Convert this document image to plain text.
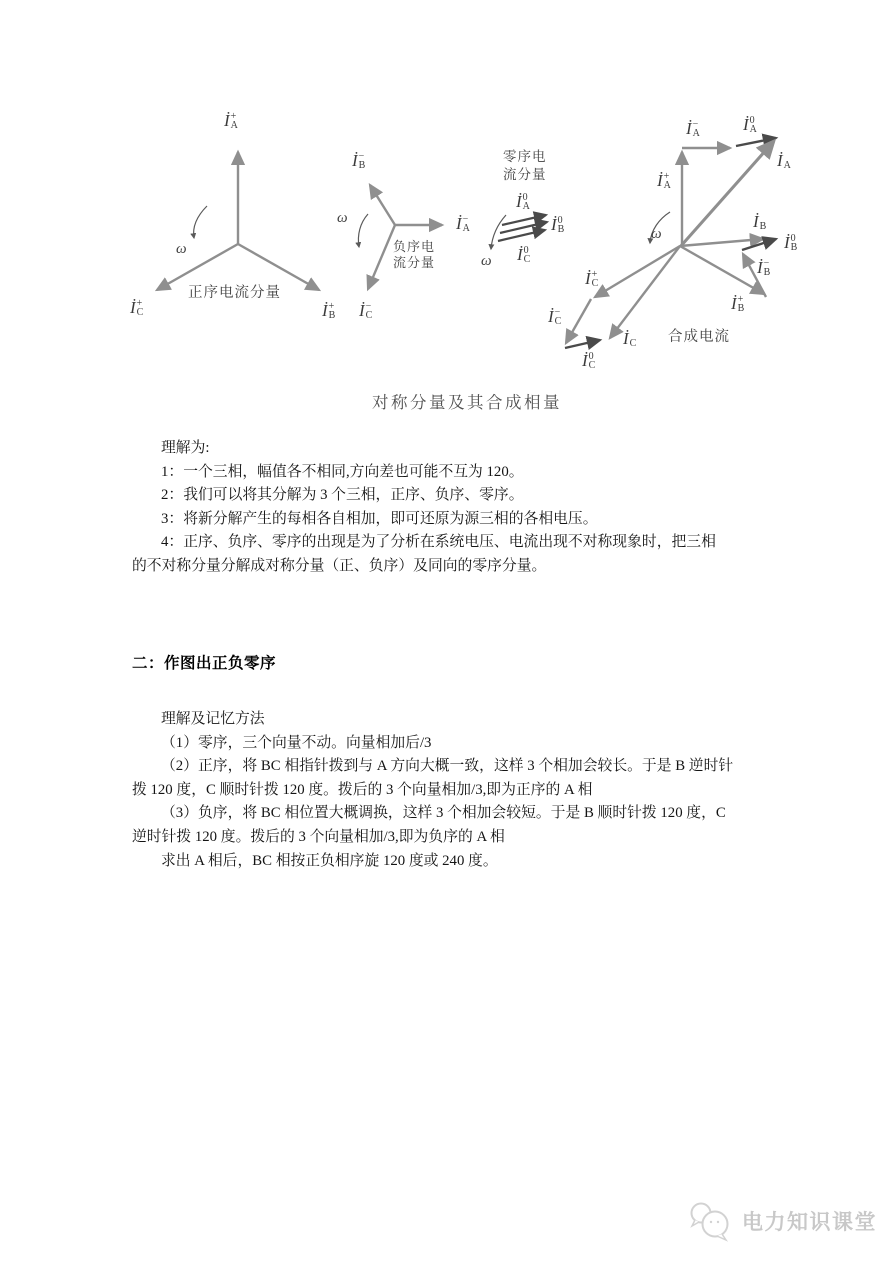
İ +
A
İ +
C	İ +
B
ω
正序电流分量
İ −
B
İ −
A
İ −
C
ω
负序电
流分量
零序电
流分量
İ 0
A
İ 0
B
İ 0
C
ω
İ +
A
İ −
A	İ 0
A
İ A
İ B
İ 0
B
İ −
B
İ +
B
İ +
C
İ −
C
İ 0
C
İ C
ω
合成电流
对称分量及其合成相量
理解为:
1：一个三相，幅值各不相同,方向差也可能不互为 120。
2：我们可以将其分解为 3 个三相，正序、负序、零序。
3：将新分解产生的每相各自相加，即可还原为源三相的各相电压。
4：正序、负序、零序的出现是为了分析在系统电压、电流出现不对称现象时，把三相
的不对称分量分解成对称分量（正、负序）及同向的零序分量。
二：作图出正负零序
理解及记忆方法
（1）零序，三个向量不动。向量相加后/3
（2）正序，将 BC 相指针拨到与 A 方向大概一致，这样 3 个相加会较长。于是 B 逆时针
拨 120 度，C 顺时针拨 120 度。拨后的 3 个向量相加/3,即为正序的 A 相
（3）负序，将 BC 相位置大概调换，这样 3 个相加会较短。于是 B 顺时针拨 120 度，C
逆时针拨 120 度。拨后的 3 个向量相加/3,即为负序的 A 相
求出 A 相后，BC 相按正负相序旋 120 度或 240 度。
电力知识课堂
